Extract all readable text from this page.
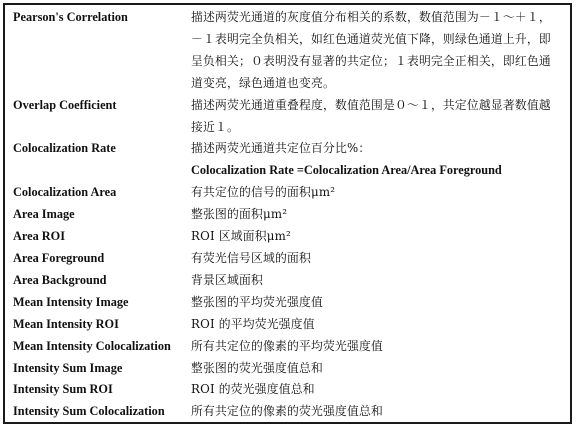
Pearson's Correlation	描述两荧光通道的灰度值分布相关的系数，数值范围为－１～＋１，－１表明完全负相关，如红色通道荧光值下降，则绿色通道上升，即呈负相关；０表明没有显著的共定位；１表明完全正相关，即红色通道变亮，绿色通道也变亮。
Overlap Coefficient	描述两荧光通道重叠程度，数值范围是０～１，共定位越显著数值越接近１。
Colocalization Rate	描述两荧光通道共定位百分比%：
Colocalization Rate =Colocalization Area/Area Foreground

Colocalization Area	有共定位的信号的面积μm²
Area Image	整张图的面积μm²
Area ROI	ROI 区域面积μm²
Area Foreground	有荧光信号区域的面积
Area Background	背景区域面积
Mean Intensity Image	整张图的平均荧光强度值
Mean Intensity ROI	ROI 的平均荧光强度值
Mean Intensity Colocalization	所有共定位的像素的平均荧光强度值
Intensity Sum Image	整张图的荧光强度值总和
Intensity Sum ROI	ROI 的荧光强度值总和
Intensity Sum Colocalization	所有共定位的像素的荧光强度值总和
